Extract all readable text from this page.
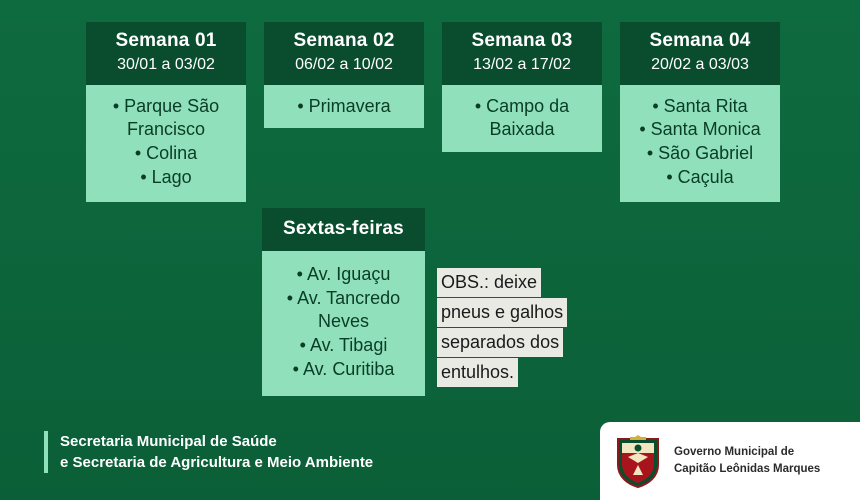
Semana 01
30/01 a 03/02
• Parque São Francisco
• Colina
• Lago
Semana 02
06/02 a 10/02
• Primavera
Semana 03
13/02 a 17/02
• Campo da Baixada
Semana 04
20/02 a 03/03
• Santa Rita
• Santa Monica
• São Gabriel
• Caçula
Sextas-feiras
• Av. Iguaçu
• Av. Tancredo Neves
• Av. Tibagi
• Av. Curitiba
OBS.: deixe
pneus e galhos
separados dos
entulhos.
Secretaria Municipal de Saúde
e Secretaria de Agricultura e Meio Ambiente
Governo Municipal de
Capitão Leônidas Marques
